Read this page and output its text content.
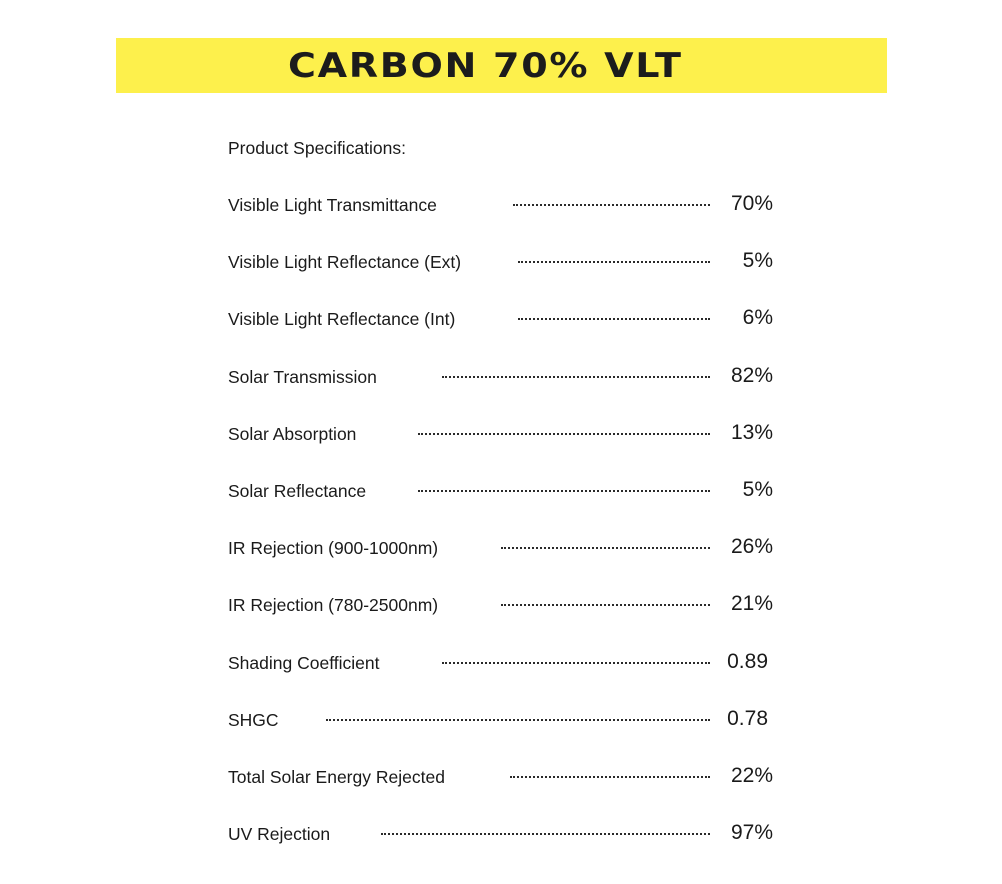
CARBON 70% VLT
Product Specifications:
Visible Light Transmittance	70%
Visible Light Reflectance (Ext)	5%
Visible Light Reflectance (Int)	6%
Solar Transmission	82%
Solar Absorption	13%
Solar Reflectance	5%
IR Rejection (900-1000nm)	26%
IR Rejection (780-2500nm)	21%
Shading Coefficient	0.89
SHGC	0.78
Total Solar Energy Rejected	22%
UV Rejection	97%
